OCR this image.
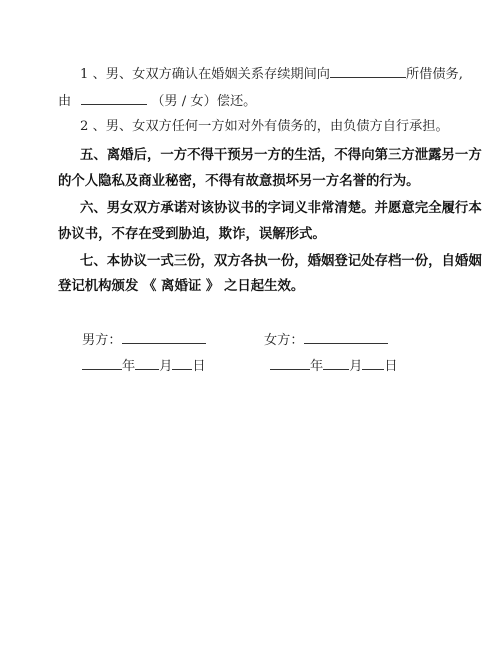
1 、男、女双方确认在婚姻关系存续期间向	所借债务,
由	（男 / 女）偿还。
2 、男、女双方任何一方如对外有债务的，由负债方自行承担。
五、离婚后，一方不得干预另一方的生活，不得向第三方泄露另一方
的个人隐私及商业秘密，不得有故意损坏另一方名誉的行为。
六、男女双方承诺对该协议书的字词义非常清楚。并愿意完全履行本
协议书，不存在受到胁迫，欺诈，误解形式。
七、本协议一式三份，双方各执一份，婚姻登记处存档一份，自婚姻
登记机构颁发 《 离婚证 》 之日起生效。
男方：	女方：
年 月 日	年 月 日
